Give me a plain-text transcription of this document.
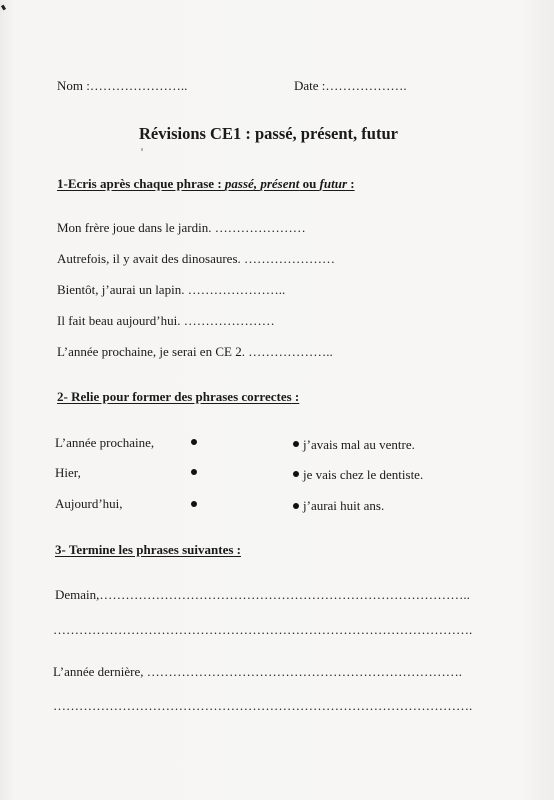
Nom :…………………..	Date :……………….
Révisions CE1 : passé, présent, futur
1-Ecris après chaque phrase : passé, présent ou futur :
Mon frère joue dans le jardin. …………………
Autrefois, il y avait des dinosaures. …………………
Bientôt, j’aurai un lapin. …………………..
Il fait beau aujourd’hui. …………………
L’année prochaine, je serai en CE 2. ………………..
2- Relie pour former des phrases correctes :
L’année prochaine,
Hier,
Aujourd’hui,
j’avais mal au ventre.
je vais chez le dentiste.
j’aurai huit ans.
3- Termine les phrases suivantes :
Demain,…………………………………………………………………………..
…………………………………………………………………………………….
L’année dernière, ……………………………………………………………….
…………………………………………………………………………………….
